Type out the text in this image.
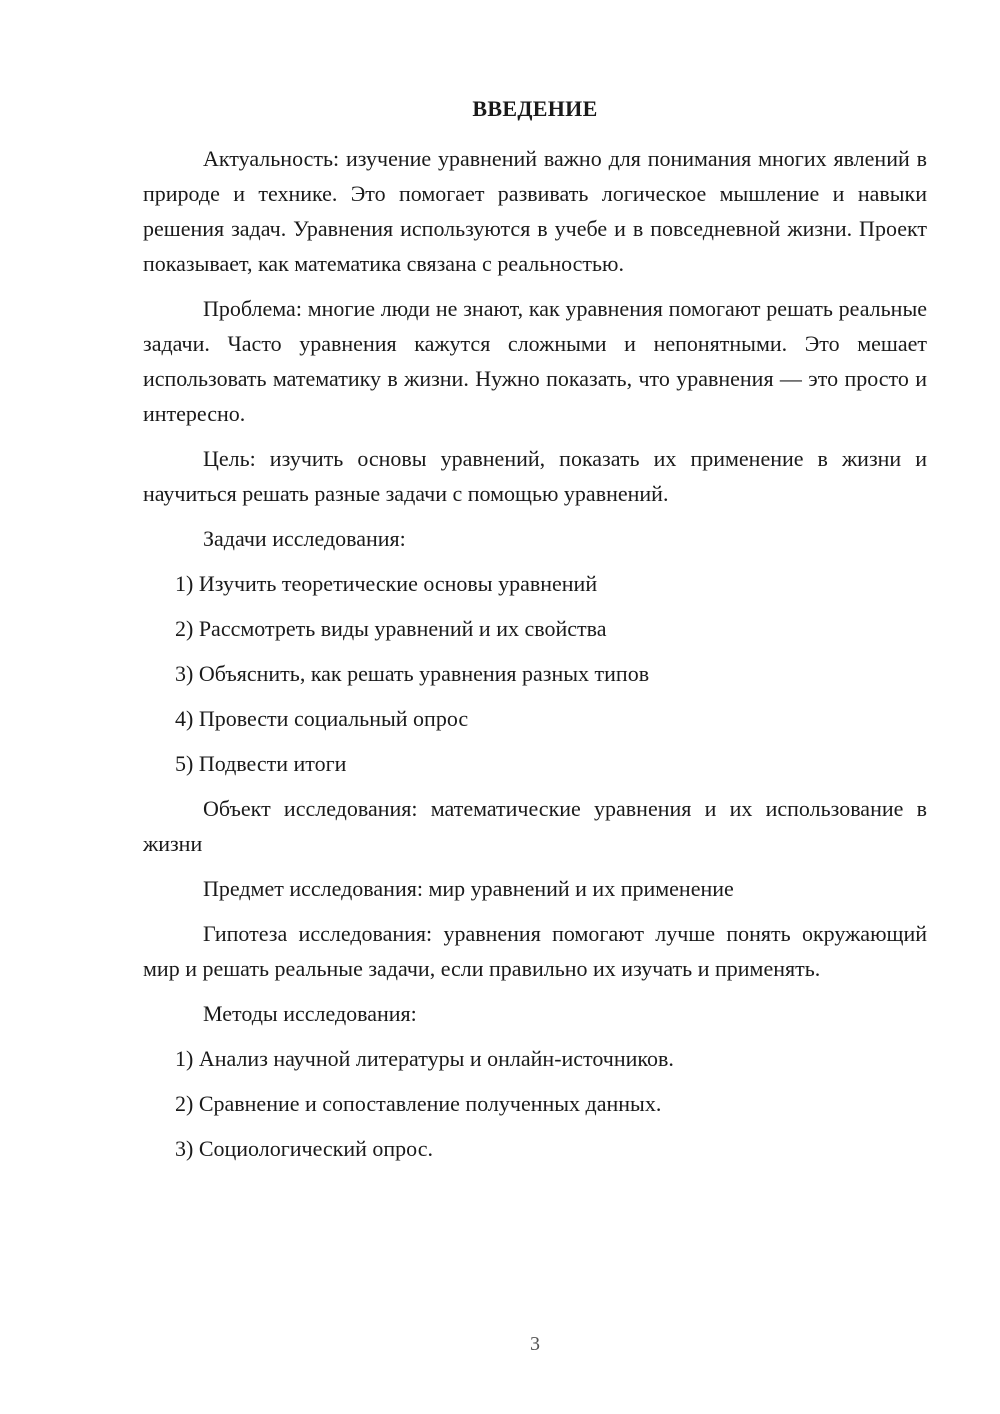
ВВЕДЕНИЕ

Актуальность: изучение уравнений важно для понимания многих явлений в природе и технике. Это помогает развивать логическое мышление и навыки решения задач. Уравнения используются в учебе и в повседневной жизни. Проект показывает, как математика связана с реальностью.

Проблема: многие люди не знают, как уравнения помогают решать реальные задачи. Часто уравнения кажутся сложными и непонятными. Это мешает использовать математику в жизни. Нужно показать, что уравнения — это просто и интересно.

Цель: изучить основы уравнений, показать их применение в жизни и научиться решать разные задачи с помощью уравнений.

Задачи исследования:
1) Изучить теоретические основы уравнений
2) Рассмотреть виды уравнений и их свойства
3) Объяснить, как решать уравнения разных типов
4) Провести социальный опрос
5) Подвести итоги

Объект исследования: математические уравнения и их использование в жизни

Предмет исследования: мир уравнений и их применение

Гипотеза исследования: уравнения помогают лучше понять окружающий мир и решать реальные задачи, если правильно их изучать и применять.

Методы исследования:
1) Анализ научной литературы и онлайн-источников.
2) Сравнение и сопоставление полученных данных.
3) Социологический опрос.
3
